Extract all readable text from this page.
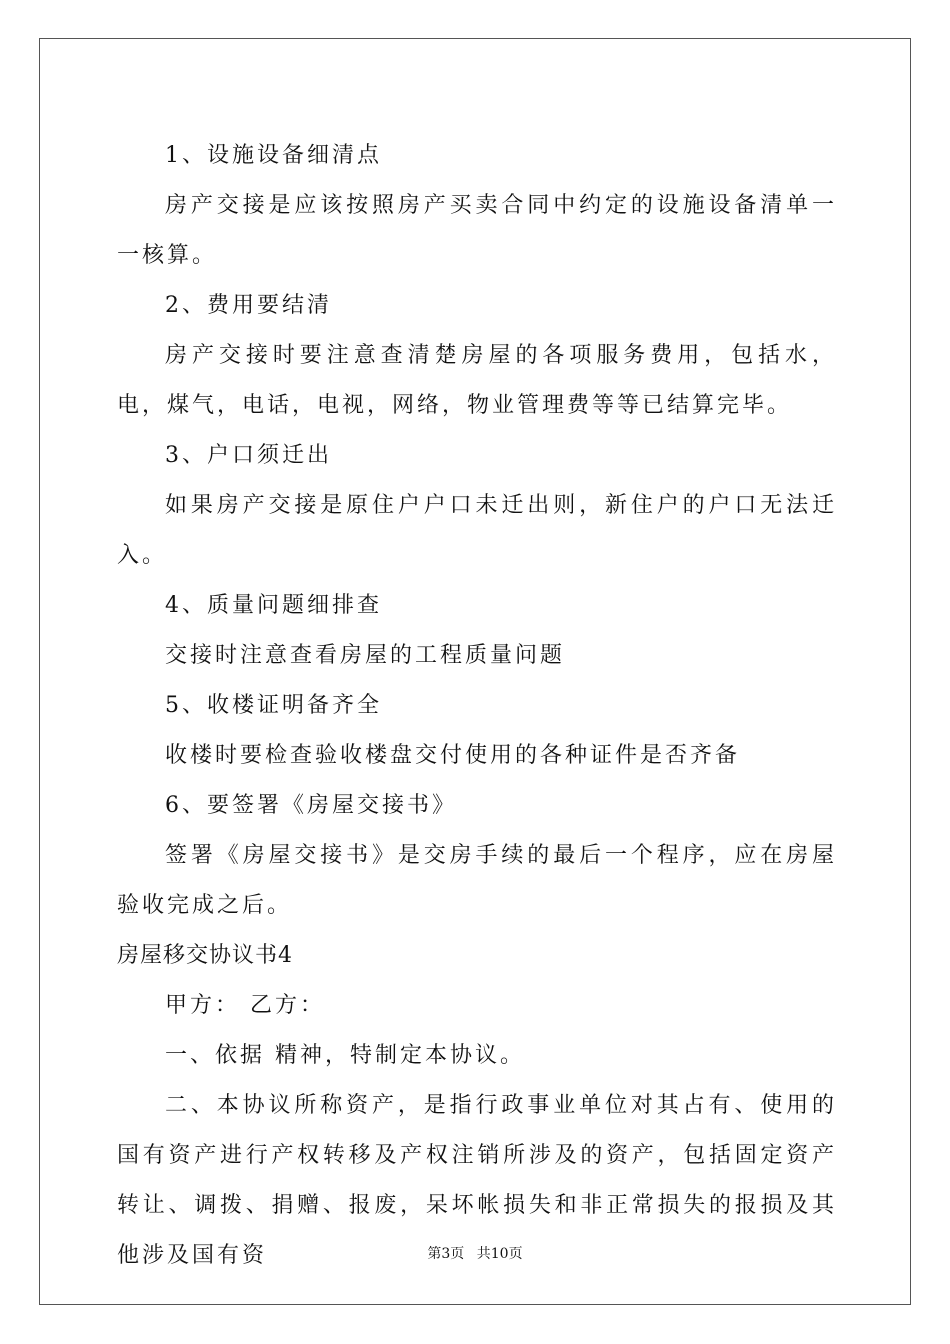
1、设施设备细清点

房产交接是应该按照房产买卖合同中约定的设施设备清单一一核算。

2、费用要结清

房产交接时要注意查清楚房屋的各项服务费用，包括水，电，煤气，电话，电视，网络，物业管理费等等已结算完毕。

3、户口须迁出

如果房产交接是原住户户口未迁出则，新住户的户口无法迁入。

4、质量问题细排查

交接时注意查看房屋的工程质量问题

5、收楼证明备齐全

收楼时要检查验收楼盘交付使用的各种证件是否齐备

6、要签署《房屋交接书》

签署《房屋交接书》是交房手续的最后一个程序，应在房屋验收完成之后。

房屋移交协议书4

甲方： 乙方：

一、依据 精神，特制定本协议。

二、本协议所称资产，是指行政事业单位对其占有、使用的国有资产进行产权转移及产权注销所涉及的资产，包括固定资产转让、调拨、捐赠、报废，呆坏帐损失和非正常损失的报损及其他涉及国有资	第3页 共10页
